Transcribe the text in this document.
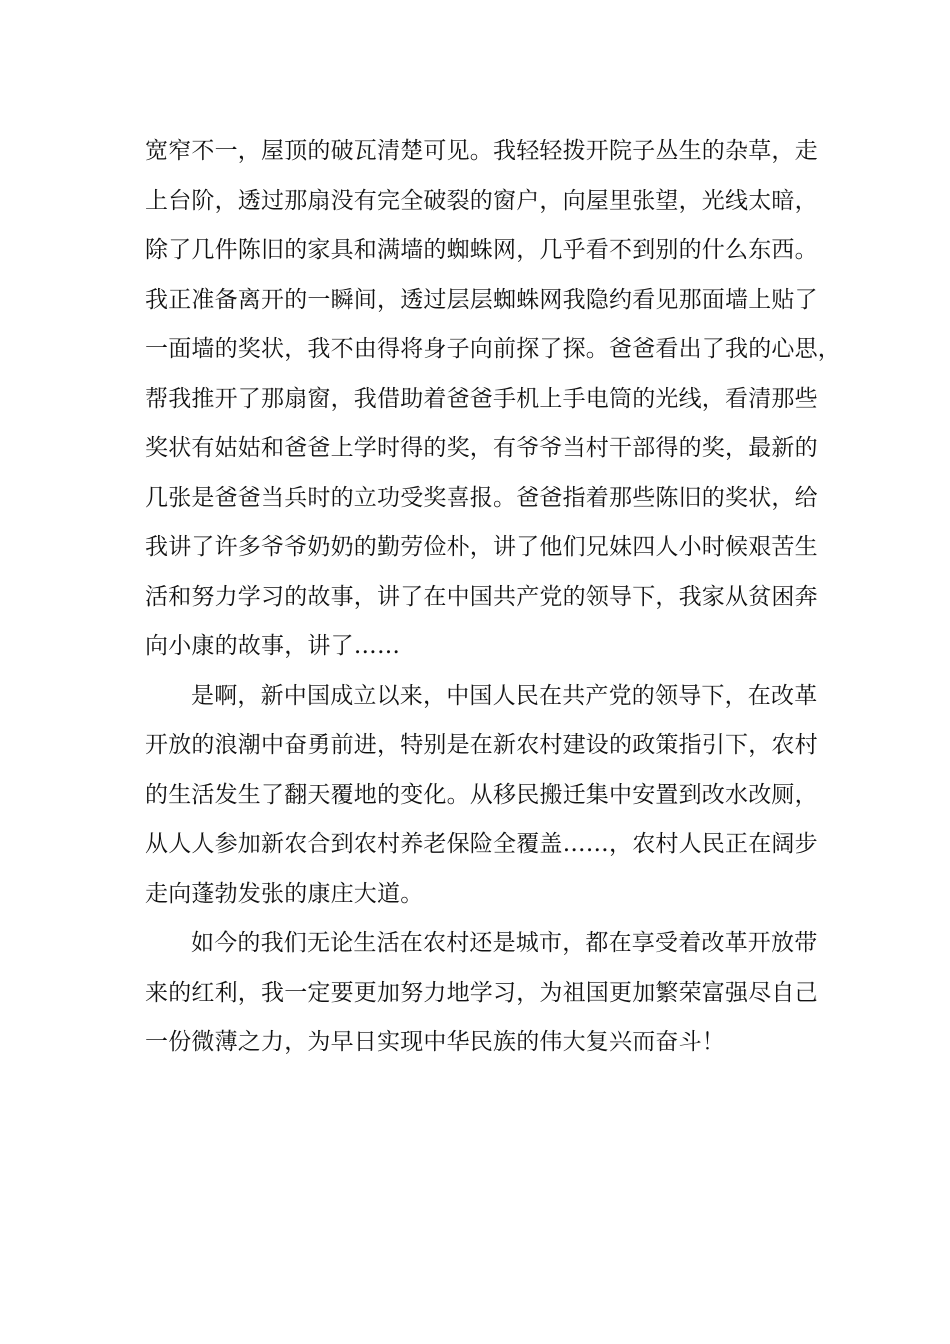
宽窄不一，屋顶的破瓦清楚可见。我轻轻拨开院子丛生的杂草，走
上台阶，透过那扇没有完全破裂的窗户，向屋里张望，光线太暗，
除了几件陈旧的家具和满墙的蜘蛛网，几乎看不到别的什么东西。
我正准备离开的一瞬间，透过层层蜘蛛网我隐约看见那面墙上贴了
一面墙的奖状，我不由得将身子向前探了探。爸爸看出了我的心思，
帮我推开了那扇窗，我借助着爸爸手机上手电筒的光线，看清那些
奖状有姑姑和爸爸上学时得的奖，有爷爷当村干部得的奖，最新的
几张是爸爸当兵时的立功受奖喜报。爸爸指着那些陈旧的奖状，给
我讲了许多爷爷奶奶的勤劳俭朴，讲了他们兄妹四人小时候艰苦生
活和努力学习的故事，讲了在中国共产党的领导下，我家从贫困奔
向小康的故事，讲了……
是啊，新中国成立以来，中国人民在共产党的领导下，在改革
开放的浪潮中奋勇前进，特别是在新农村建设的政策指引下，农村
的生活发生了翻天覆地的变化。从移民搬迁集中安置到改水改厕，
从人人参加新农合到农村养老保险全覆盖……，农村人民正在阔步
走向蓬勃发张的康庄大道。
如今的我们无论生活在农村还是城市，都在享受着改革开放带
来的红利，我一定要更加努力地学习，为祖国更加繁荣富强尽自己
一份微薄之力，为早日实现中华民族的伟大复兴而奋斗！
